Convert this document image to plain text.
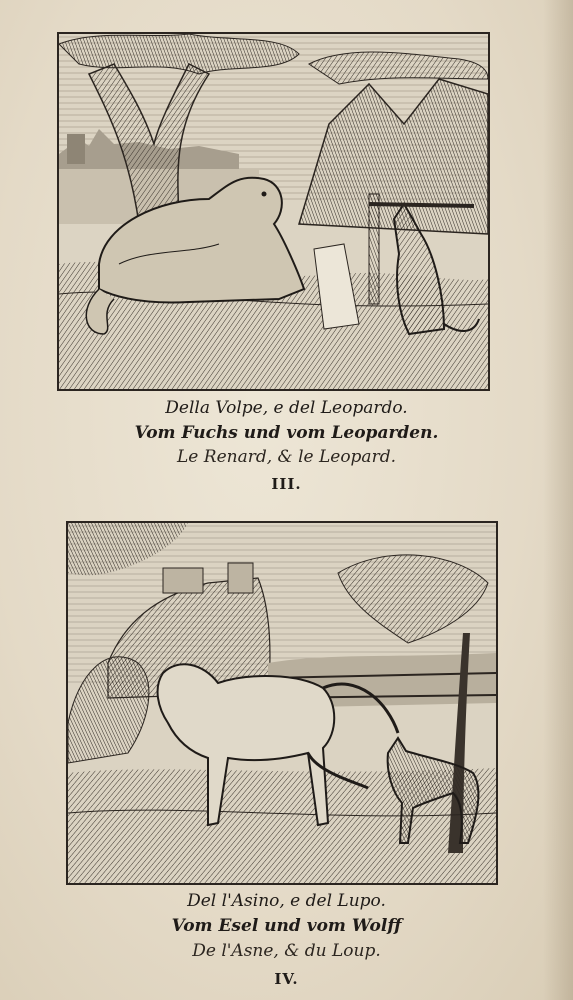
Della Volpe, e del Leopardo.

Vom Fuchs und vom Leoparden.

Le Renard, & le Leopard.

III.

Del l'Asino, e del Lupo.

Vom Esel und vom Wolff

De l'Asne, & du Loup.

IV.
